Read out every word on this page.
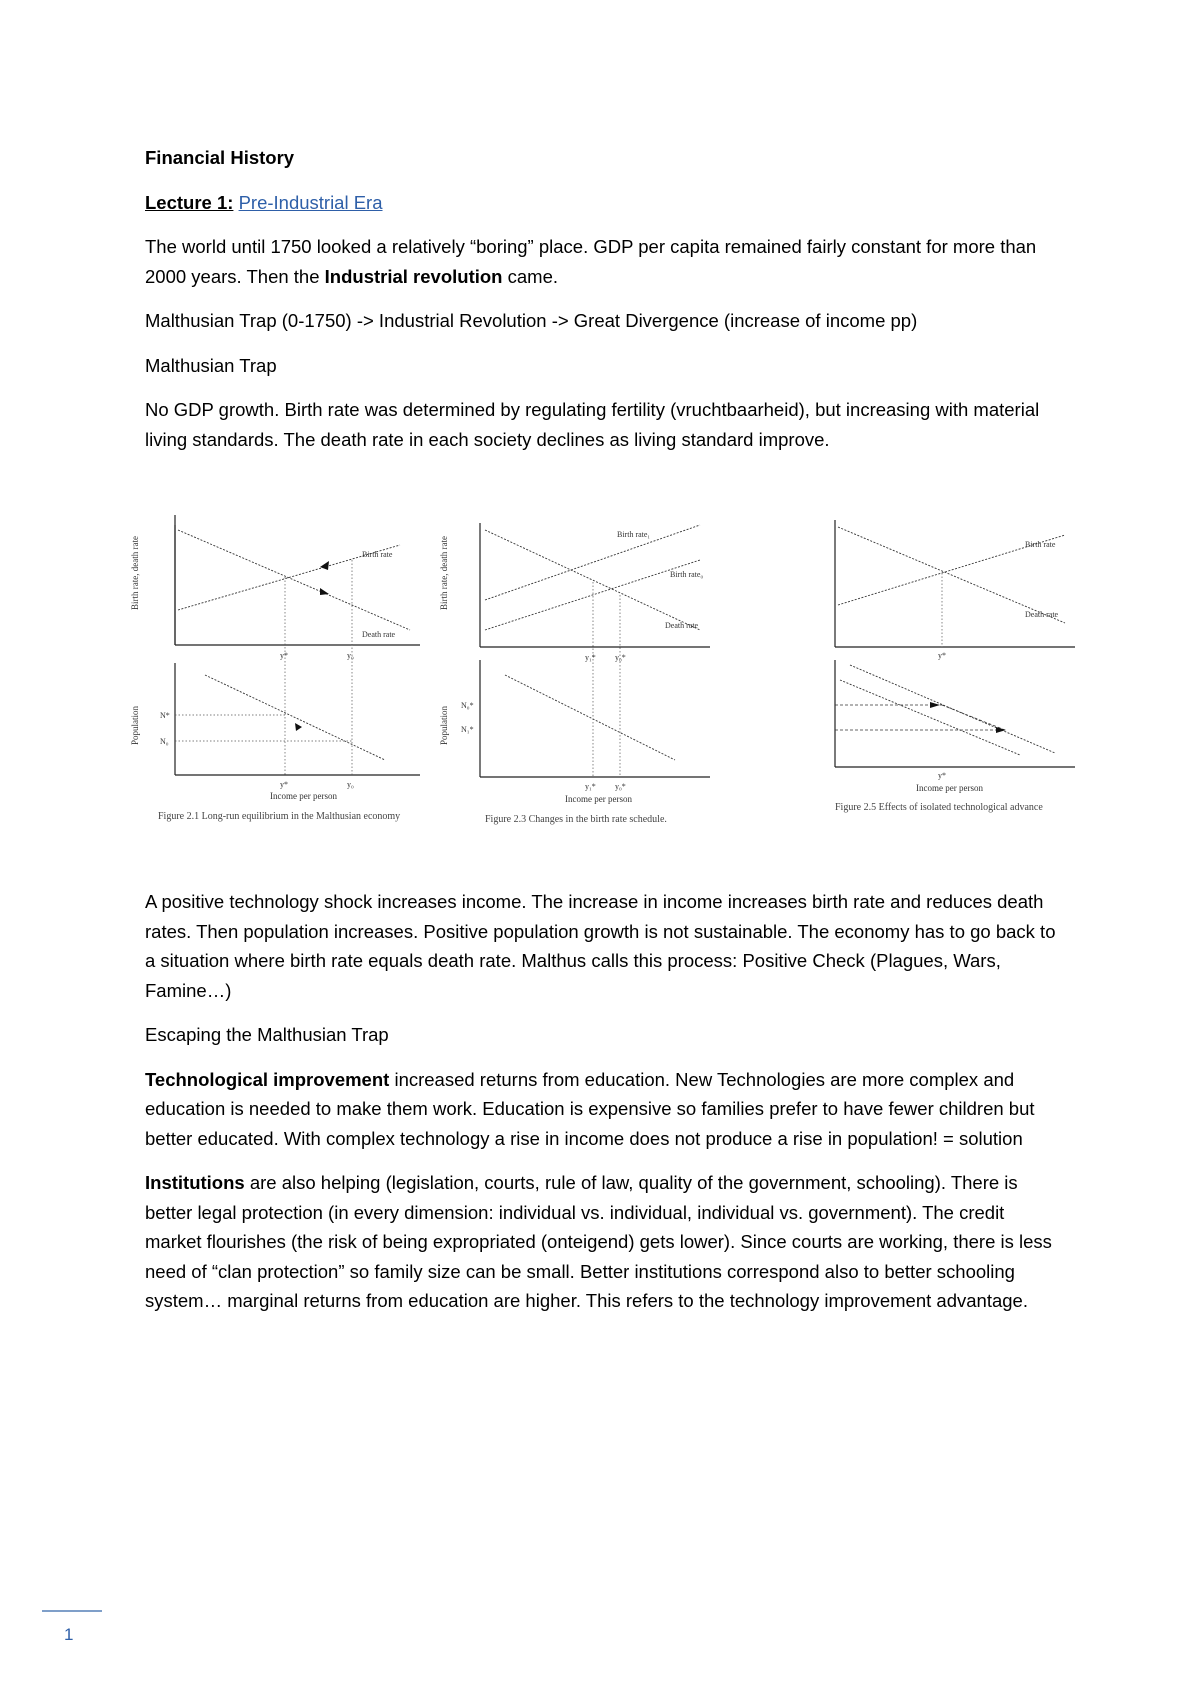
Financial History

Lecture 1: Pre-Industrial Era

The world until 1750 looked a relatively “boring” place. GDP per capita remained fairly constant for more than 2000 years. Then the Industrial revolution came.

Malthusian Trap (0-1750) -> Industrial Revolution -> Great Divergence (increase of income pp)

Malthusian Trap

No GDP growth. Birth rate was determined by regulating fertility (vruchtbaarheid), but increasing with material living standards. The death rate in each society declines as living standard improve.

Birth rate, death rate
Population
Birth rate
Death rate
y*	y₀
N*
N₀
y*	y₀
Income per person
Figure 2.1 Long-run equilibrium in the Malthusian economy
Birth rate, death rate
Population
Birth rate₁
Birth rate₀
Death rate
y₁* y₀*
N₀*
N₁*
y₁* y₀*
Income per person
Figure 2.3 Changes in the birth rate schedule.
Birth rate
Death rate
y*
y*
Income per person
Figure 2.5 Effects of isolated technological advance

A positive technology shock increases income. The increase in income increases birth rate and reduces death rates. Then population increases. Positive population growth is not sustainable. The economy has to go back to a situation where birth rate equals death rate. Malthus calls this process: Positive Check (Plagues, Wars, Famine…)

Escaping the Malthusian Trap

Technological improvement increased returns from education. New Technologies are more complex and education is needed to make them work. Education is expensive so families prefer to have fewer children but better educated. With complex technology a rise in income does not produce a rise in population! = solution

Institutions are also helping (legislation, courts, rule of law, quality of the government, schooling). There is better legal protection (in every dimension: individual vs. individual, individual vs. government). The credit market flourishes (the risk of being expropriated (onteigend) gets lower). Since courts are working, there is less need of “clan protection” so family size can be small. Better institutions correspond also to better schooling system… marginal returns from education are higher. This refers to the technology improvement advantage.

1
